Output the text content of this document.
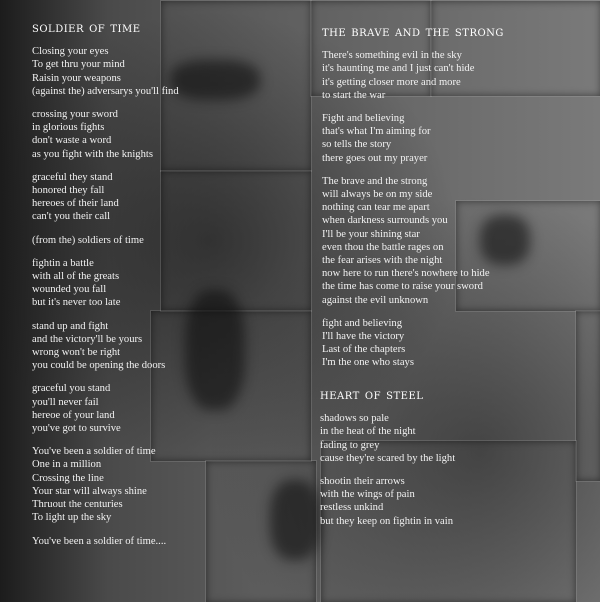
soldier of time

Closing your eyes

To get thru your mind

Raisin your weapons

(against the) adversarys you'll find

crossing your sword

in glorious fights

don't waste a word

as you fight with the knights

graceful they stand

honored they fall

hereoes of their land

can't you their call

(from the) soldiers of time

fightin a battle

with all of the greats

wounded you fall

but it's never too late

stand up and fight

and the victory'll be yours

wrong won't be right

you could be opening the doors

graceful you stand

you'll never fail

hereoe of your land

you've got to survive

You've been a soldier of time

One in a million

Crossing the line

Your star will always shine

Thruout the centuries

To light up the sky

You've been a soldier of time....

the brave and the strong

There's something evil in the sky

it's haunting me and I just can't hide

it's getting closer more and more

to start the war

Fight and believing

that's what I'm aiming for

so tells the story

there goes out my prayer

The brave and the strong

will always be on my side

nothing can tear me apart

when darkness surrounds you

I'll be your shining star

even thou the battle rages on

the fear arises with the night

now here to run there's nowhere to hide

the time has come to raise your sword

against the evil unknown

fight and believing

I'll have the victory

Last of the chapters

I'm the one who stays

heart of steel

shadows so pale

in the heat of the night

fading to grey

cause they're scared by the light

shootin their arrows

with the wings of pain

restless unkind

but they keep on fightin in vain
